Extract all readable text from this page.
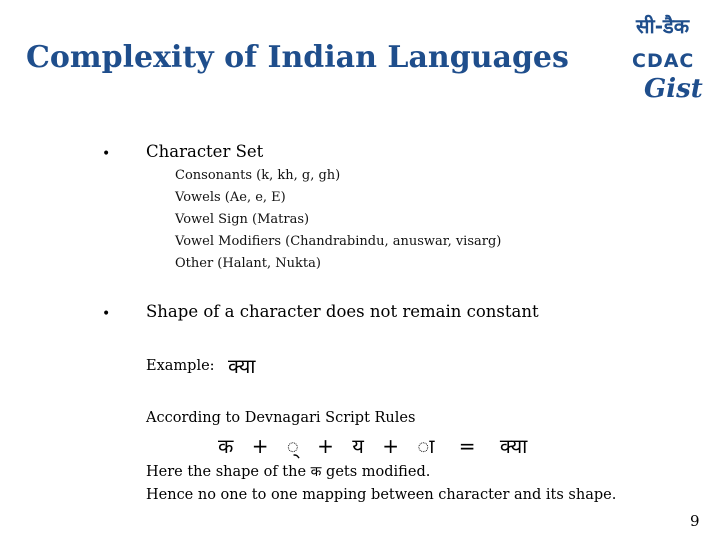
Complexity of Indian Languages
सी-डैक
CDAC
Gist
• Character Set
Consonants (k, kh, g, gh)
Vowels (Ae, e, E)
Vowel Sign (Matras)
Vowel Modifiers (Chandrabindu, anuswar, visarg)
Other (Halant, Nukta)
• Shape of a character does not remain constant
Example: क्या
According to Devnagari Script Rules
क + ् + य + ा = क्या
Here the shape of the क gets modified.
Hence no one to one mapping between character and its shape.
9
